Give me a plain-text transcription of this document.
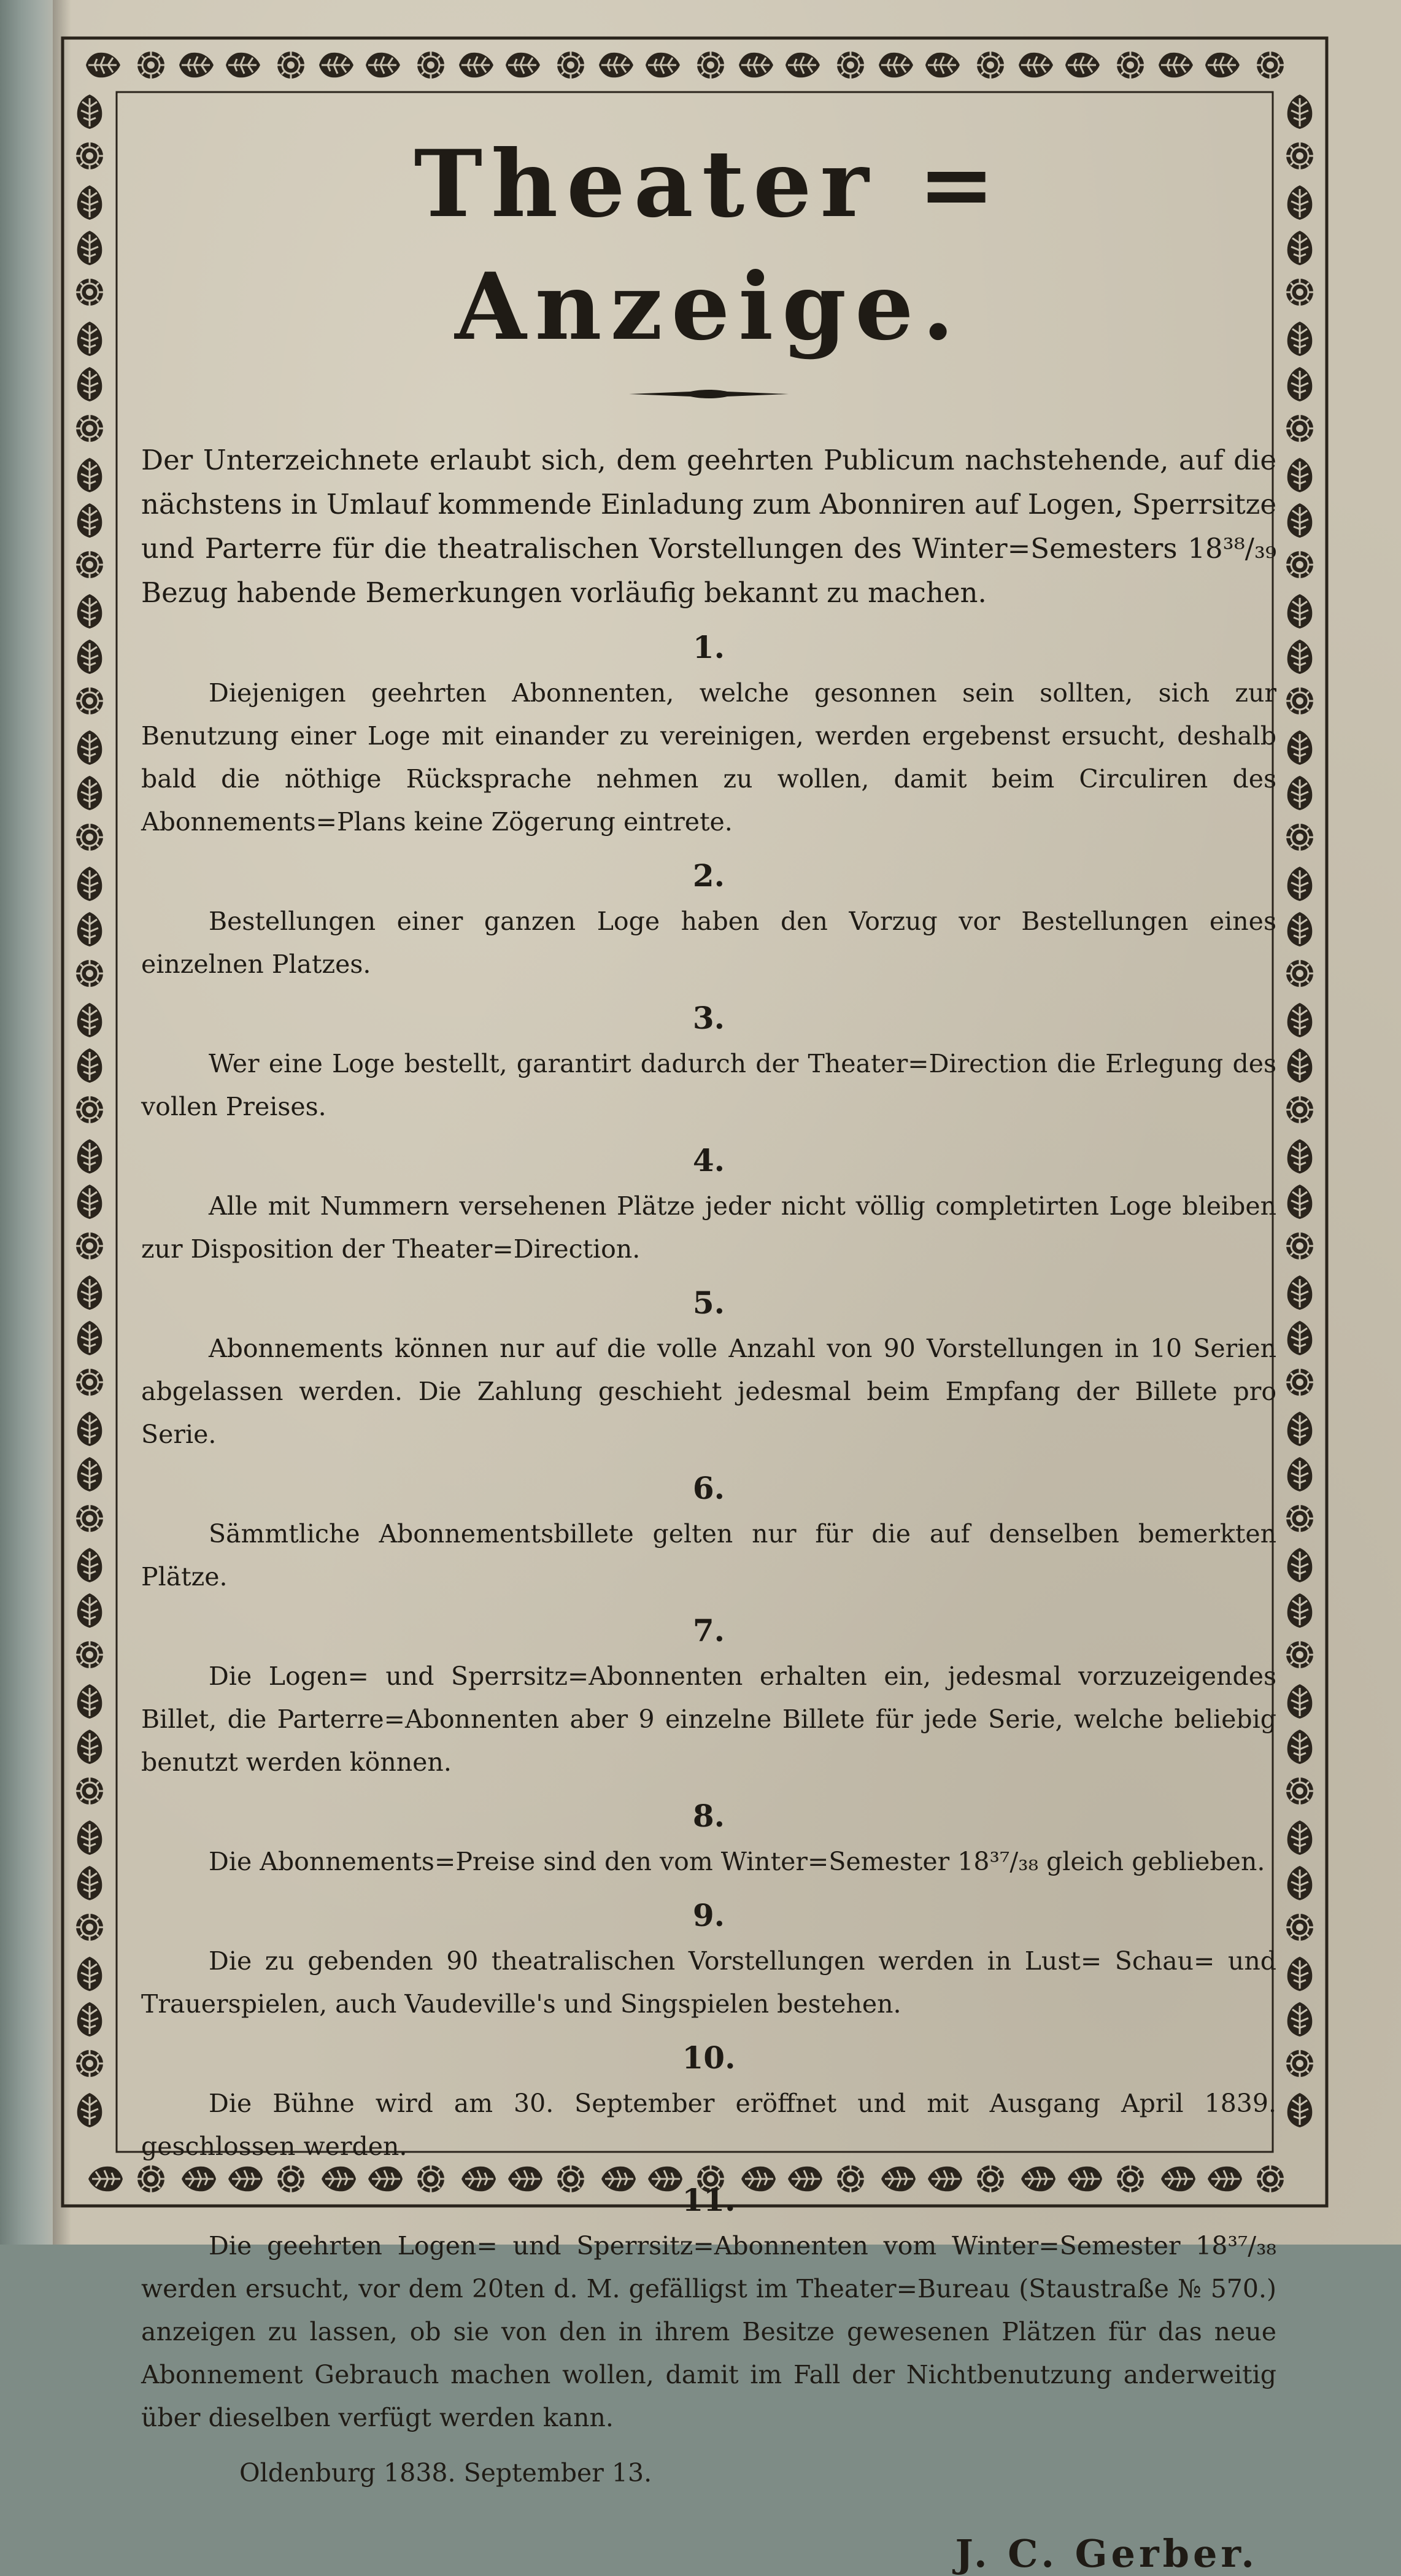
Theater = Anzeige.

Der Unterzeichnete erlaubt sich, dem geehrten Publicum nachstehende, auf die nächstens in Umlauf kommende Einladung zum Abonniren auf Logen, Sperrsitze und Parterre für die theatralischen Vorstellungen des Winter=Semesters 18³⁸/₃₉ Bezug habende Bemerkungen vorläufig bekannt zu machen.

1.

Diejenigen geehrten Abonnenten, welche gesonnen sein sollten, sich zur Benutzung einer Loge mit einander zu vereinigen, werden ergebenst ersucht, deshalb bald die nöthige Rücksprache nehmen zu wollen, damit beim Circuliren des Abonnements=Plans keine Zögerung eintrete.

2.

Bestellungen einer ganzen Loge haben den Vorzug vor Bestellungen eines einzelnen Platzes.

3.

Wer eine Loge bestellt, garantirt dadurch der Theater=Direction die Erlegung des vollen Preises.

4.

Alle mit Nummern versehenen Plätze jeder nicht völlig completirten Loge bleiben zur Disposition der Theater=Direction.

5.

Abonnements können nur auf die volle Anzahl von 90 Vorstellungen in 10 Serien abgelassen werden. Die Zahlung geschieht jedesmal beim Empfang der Billete pro Serie.

6.

Sämmtliche Abonnementsbillete gelten nur für die auf denselben bemerkten Plätze.

7.

Die Logen= und Sperrsitz=Abonnenten erhalten ein, jedesmal vorzuzeigendes Billet, die Parterre=Abonnenten aber 9 einzelne Billete für jede Serie, welche beliebig benutzt werden können.

8.

Die Abonnements=Preise sind den vom Winter=Semester 18³⁷/₃₈ gleich geblieben.

9.

Die zu gebenden 90 theatralischen Vorstellungen werden in Lust= Schau= und Trauerspielen, auch Vaudeville's und Singspielen bestehen.

10.

Die Bühne wird am 30. September eröffnet und mit Ausgang April 1839. geschlossen werden.

11.

Die geehrten Logen= und Sperrsitz=Abonnenten vom Winter=Semester 18³⁷/₃₈ werden ersucht, vor dem 20ten d. M. gefälligst im Theater=Bureau (Staustraße № 570.) anzeigen zu lassen, ob sie von den in ihrem Besitze gewesenen Plätzen für das neue Abonnement Gebrauch machen wollen, damit im Fall der Nichtbenutzung anderweitig über dieselben verfügt werden kann.

Oldenburg 1838. September 13.

J. C. Gerber.
